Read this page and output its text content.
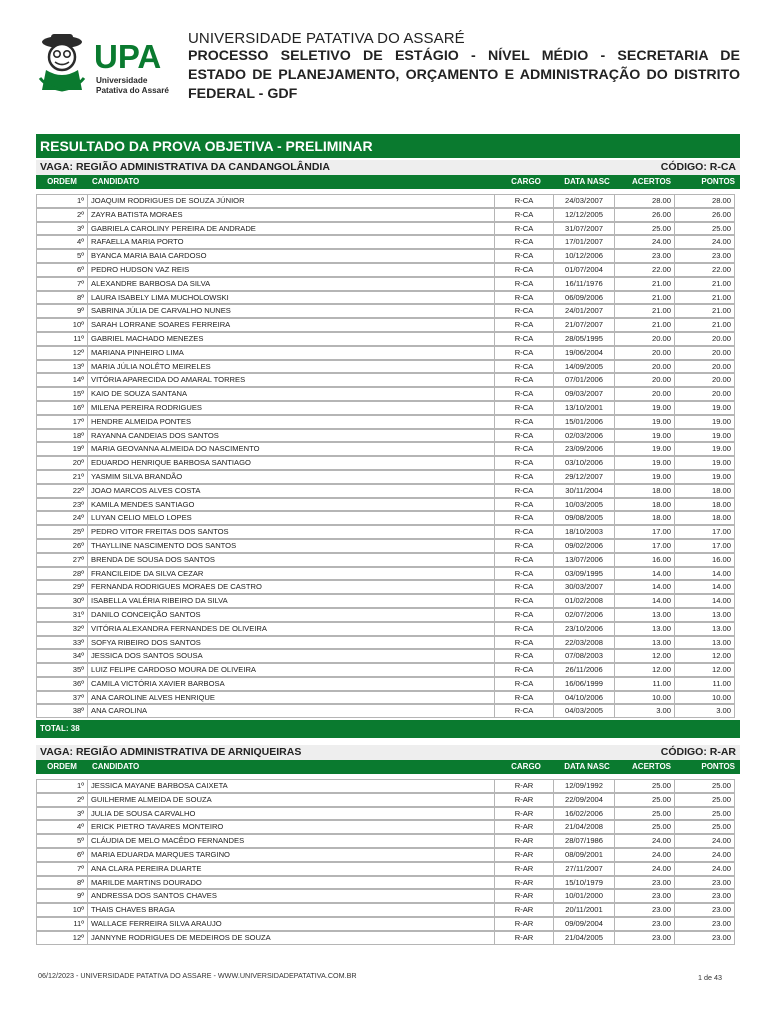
UPA
Universidade
Patativa do Assaré
UNIVERSIDADE PATATIVA DO ASSARÉ
PROCESSO SELETIVO DE ESTÁGIO - NÍVEL MÉDIO - SECRETARIA DE
ESTADO DE PLANEJAMENTO, ORÇAMENTO E ADMINISTRAÇÃO DO DISTRITO
FEDERAL - GDF
RESULTADO DA PROVA OBJETIVA - PRELIMINAR
VAGA: REGIÃO ADMINISTRATIVA DA CANDANGOLÂNDIA	CÓDIGO: R-CA
ORDEM	CANDIDATO	CARGO	DATA NASC	ACERTOS	PONTOS
1º JOAQUIM RODRIGUES DE SOUZA JÚNIOR	R-CA	24/03/2007	28.00	28.00
2º ZAYRA BATISTA MORAES	R-CA	12/12/2005	26.00	26.00
3º GABRIELA CAROLINY PEREIRA DE ANDRADE	R-CA	31/07/2007	25.00	25.00
4º RAFAELLA MARIA PORTO	R-CA	17/01/2007	24.00	24.00
5º BYANCA MARIA BAIA CARDOSO	R-CA	10/12/2006	23.00	23.00
6º PEDRO HUDSON VAZ REIS	R-CA	01/07/2004	22.00	22.00
7º ALEXANDRE BARBOSA DA SILVA	R-CA	16/11/1976	21.00	21.00
8º LAURA ISABELY LIMA MUCHOLOWSKI	R-CA	06/09/2006	21.00	21.00
9º SABRINA JÚLIA DE CARVALHO NUNES	R-CA	24/01/2007	21.00	21.00
10º SARAH LORRANE SOARES FERREIRA	R-CA	21/07/2007	21.00	21.00
11º GABRIEL MACHADO MENEZES	R-CA	28/05/1995	20.00	20.00
12º MARIANA PINHEIRO LIMA	R-CA	19/06/2004	20.00	20.00
13º MARIA JÚLIA NOLÊTO MEIRELES	R-CA	14/09/2005	20.00	20.00
14º VITÓRIA APARECIDA DO AMARAL TORRES	R-CA	07/01/2006	20.00	20.00
15º KAIO DE SOUZA SANTANA	R-CA	09/03/2007	20.00	20.00
16º MILENA PEREIRA RODRIGUES	R-CA	13/10/2001	19.00	19.00
17º HENDRE ALMEIDA PONTES	R-CA	15/01/2006	19.00	19.00
18º RAYANNA CANDEIAS DOS SANTOS	R-CA	02/03/2006	19.00	19.00
19º MARIA GEOVANNA ALMEIDA DO NASCIMENTO	R-CA	23/09/2006	19.00	19.00
20º EDUARDO HENRIQUE BARBOSA SANTIAGO	R-CA	03/10/2006	19.00	19.00
21º YASMIM SILVA BRANDÃO	R-CA	29/12/2007	19.00	19.00
22º JOAO MARCOS ALVES COSTA	R-CA	30/11/2004	18.00	18.00
23º KAMILA MENDES SANTIAGO	R-CA	10/03/2005	18.00	18.00
24º LUYAN CELIO MELO LOPES	R-CA	09/08/2005	18.00	18.00
25º PEDRO VITOR FREITAS DOS SANTOS	R-CA	18/10/2003	17.00	17.00
26º THAYLLINE NASCIMENTO DOS SANTOS	R-CA	09/02/2006	17.00	17.00
27º BRENDA DE SOUSA DOS SANTOS	R-CA	13/07/2006	16.00	16.00
28º FRANCILEIDE DA SILVA CEZAR	R-CA	03/09/1995	14.00	14.00
29º FERNANDA RODRIGUES MORAES DE CASTRO	R-CA	30/03/2007	14.00	14.00
30º ISABELLA VALÉRIA RIBEIRO DA SILVA	R-CA	01/02/2008	14.00	14.00
31º DANILO CONCEIÇÃO SANTOS	R-CA	02/07/2006	13.00	13.00
32º VITÓRIA ALEXANDRA FERNANDES DE OLIVEIRA	R-CA	23/10/2006	13.00	13.00
33º SOFYA RIBEIRO DOS SANTOS	R-CA	22/03/2008	13.00	13.00
34º JESSICA DOS SANTOS SOUSA	R-CA	07/08/2003	12.00	12.00
35º LUIZ FELIPE CARDOSO MOURA DE OLIVEIRA	R-CA	26/11/2006	12.00	12.00
36º CAMILA VICTÓRIA XAVIER BARBOSA	R-CA	16/06/1999	11.00	11.00
37º ANA CAROLINE ALVES HENRIQUE	R-CA	04/10/2006	10.00	10.00
38º ANA CAROLINA	R-CA	04/03/2005	3.00	3.00
TOTAL: 38
VAGA: REGIÃO ADMINISTRATIVA DE ARNIQUEIRAS	CÓDIGO: R-AR
ORDEM	CANDIDATO	CARGO	DATA NASC	ACERTOS	PONTOS
1º JESSICA MAYANE BARBOSA CAIXETA	R-AR	12/09/1992	25.00	25.00
2º GUILHERME ALMEIDA DE SOUZA	R-AR	22/09/2004	25.00	25.00
3º JULIA DE SOUSA CARVALHO	R-AR	16/02/2006	25.00	25.00
4º ERICK PIETRO TAVARES MONTEIRO	R-AR	21/04/2008	25.00	25.00
5º CLÁUDIA DE MELO MACÊDO FERNANDES	R-AR	28/07/1986	24.00	24.00
6º MARIA EDUARDA MARQUES TARGINO	R-AR	08/09/2001	24.00	24.00
7º ANA CLARA PEREIRA DUARTE	R-AR	27/11/2007	24.00	24.00
8º MARILDE MARTINS DOURADO	R-AR	15/10/1979	23.00	23.00
9º ANDRESSA DOS SANTOS CHAVES	R-AR	10/01/2000	23.00	23.00
10º THAIS CHAVES BRAGA	R-AR	20/11/2001	23.00	23.00
11º WALLACE FERREIRA SILVA ARAUJO	R-AR	09/09/2004	23.00	23.00
12º JANNYNE RODRIGUES DE MEDEIROS DE SOUZA	R-AR	21/04/2005	23.00	23.00
06/12/2023 - UNIVERSIDADE PATATIVA DO ASSARE - WWW.UNIVERSIDADEPATATIVA.COM.BR	1 de 43
